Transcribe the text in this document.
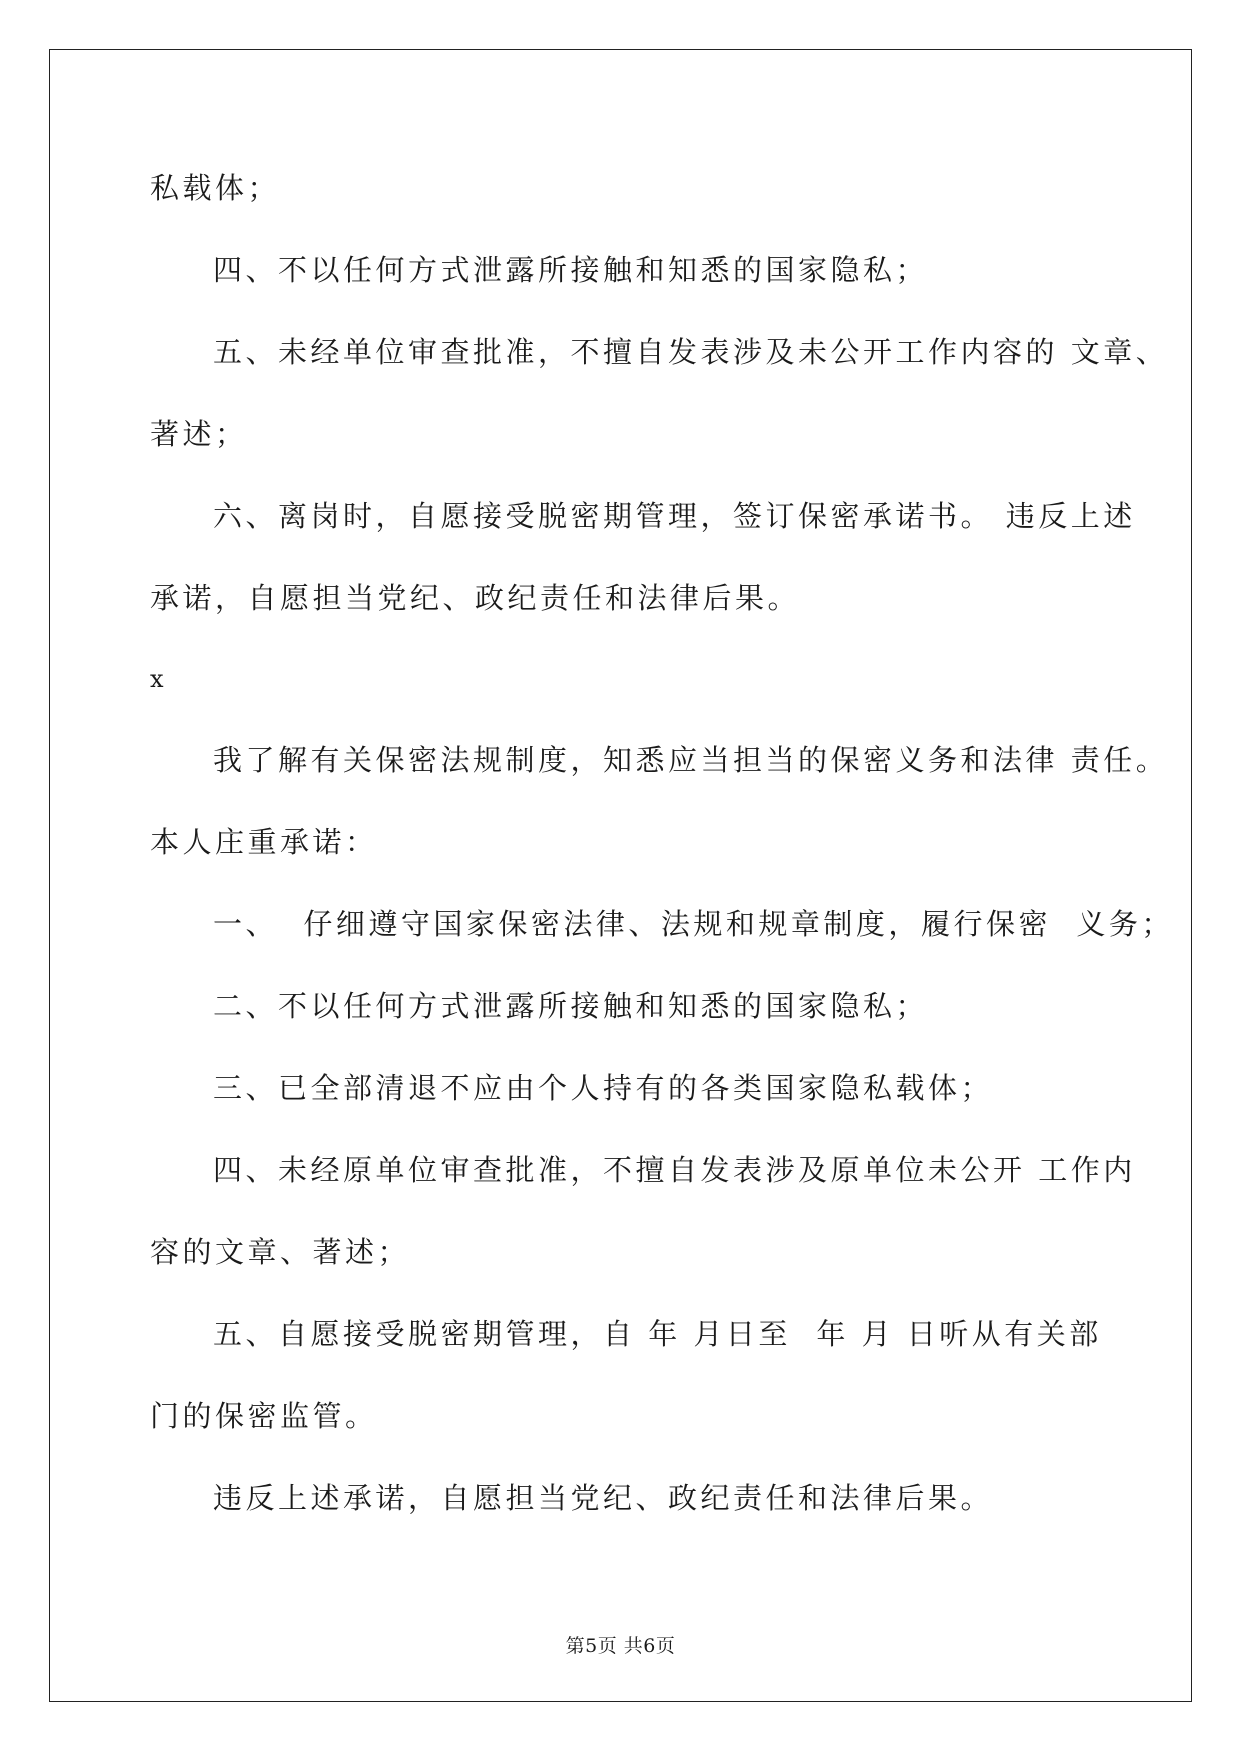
私载体；

四、不以任何方式泄露所接触和知悉的国家隐私；

五、未经单位审查批准，不擅自发表涉及未公开工作内容的 文章、

著述；

六、离岗时，自愿接受脱密期管理，签订保密承诺书。 违反上述

承诺，自愿担当党纪、政纪责任和法律后果。

x

我了解有关保密法规制度，知悉应当担当的保密义务和法律 责任。

本人庄重承诺：

一、  仔细遵守国家保密法律、法规和规章制度，履行保密  义务；

二、不以任何方式泄露所接触和知悉的国家隐私；

三、已全部清退不应由个人持有的各类国家隐私载体；

四、未经原单位审查批准，不擅自发表涉及原单位未公开 工作内

容的文章、著述；

五、自愿接受脱密期管理，自 年 月日至  年 月 日听从有关部

门的保密监管。

违反上述承诺，自愿担当党纪、政纪责任和法律后果。

第5页 共6页
